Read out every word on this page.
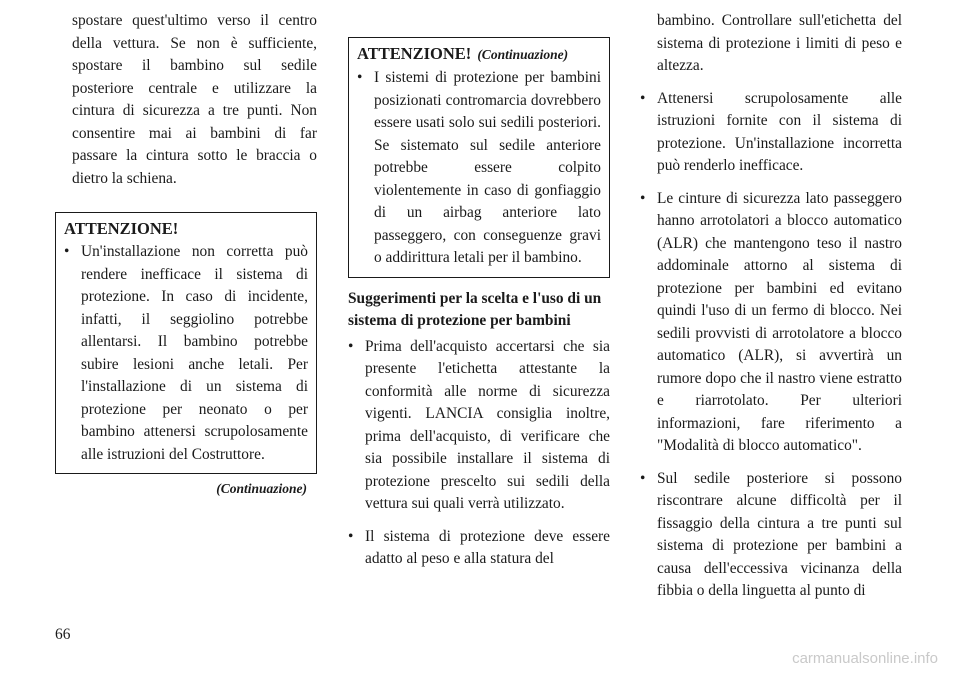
spostare quest'ultimo verso il centro della vettura. Se non è sufficiente, spostare il bambino sul sedile posteriore centrale e utilizzare la cintura di sicurezza a tre punti. Non consentire mai ai bambini di far passare la cintura sotto le braccia o dietro la schiena.

ATTENZIONE!
• Un'installazione non corretta può rendere inefficace il sistema di protezione. In caso di incidente, infatti, il seggiolino potrebbe allentarsi. Il bambino potrebbe subire lesioni anche letali. Per l'installazione di un sistema di protezione per neonato o per bambino attenersi scrupolosamente alle istruzioni del Costruttore.
(Continuazione)
ATTENZIONE! (Continuazione)
• I sistemi di protezione per bambini posizionati contromarcia dovrebbero essere usati solo sui sedili posteriori. Se sistemato sul sedile anteriore potrebbe essere colpito violentemente in caso di gonfiaggio di un airbag anteriore lato passeggero, con conseguenze gravi o addirittura letali per il bambino.
Suggerimenti per la scelta e l'uso di un sistema di protezione per bambini
• Prima dell'acquisto accertarsi che sia presente l'etichetta attestante la conformità alle norme di sicurezza vigenti. LANCIA consiglia inoltre, prima dell'acquisto, di verificare che sia possibile installare il sistema di protezione prescelto sui sedili della vettura sui quali verrà utilizzato.
• Il sistema di protezione deve essere adatto al peso e alla statura del

bambino. Controllare sull'etichetta del sistema di protezione i limiti di peso e altezza.

• Attenersi scrupolosamente alle istruzioni fornite con il sistema di protezione. Un'installazione incorretta può renderlo inefficace.
• Le cinture di sicurezza lato passeggero hanno arrotolatori a blocco automatico (ALR) che mantengono teso il nastro addominale attorno al sistema di protezione per bambini ed evitano quindi l'uso di un fermo di blocco. Nei sedili provvisti di arrotolatore a blocco automatico (ALR), si avvertirà un rumore dopo che il nastro viene estratto e riarrotolato. Per ulteriori informazioni, fare riferimento a "Modalità di blocco automatico".
• Sul sedile posteriore si possono riscontrare alcune difficoltà per il fissaggio della cintura a tre punti sul sistema di protezione per bambini a causa dell'eccessiva vicinanza della fibbia o della linguetta al punto di
66
carmanualsonline.info
